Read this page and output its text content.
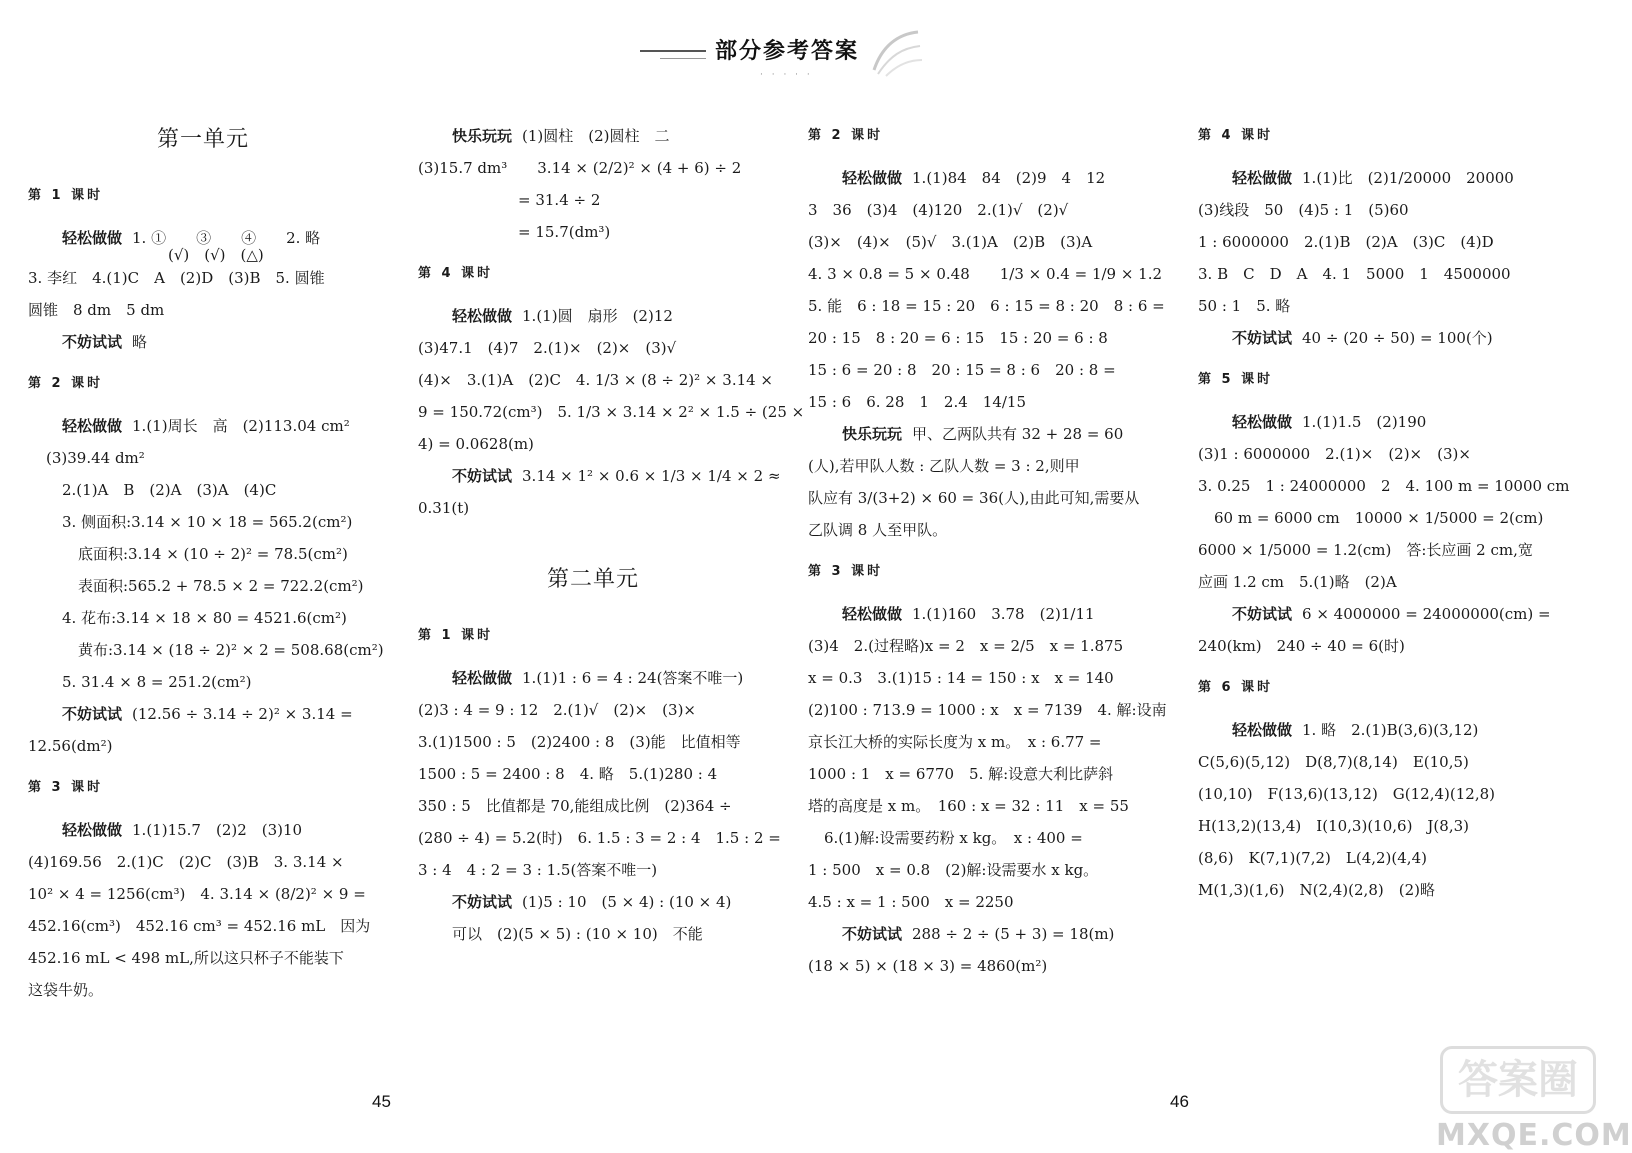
部分参考答案
· · · · ·

第一单元

第 1 课时

轻松做做 1. ①　　③　　④　　2. 略

(√)　(√)　(△)

3. 李红　4.(1)C　A　(2)D　(3)B　5. 圆锥

圆锥　8 dm　5 dm

不妨试试 略

第 2 课时

轻松做做 1.(1)周长　高　(2)113.04 cm²

(3)39.44 dm²

2.(1)A　B　(2)A　(3)A　(4)C

3. 侧面积:3.14 × 10 × 18 = 565.2(cm²)

底面积:3.14 × (10 ÷ 2)² = 78.5(cm²)

表面积:565.2 + 78.5 × 2 = 722.2(cm²)

4. 花布:3.14 × 18 × 80 = 4521.6(cm²)

黄布:3.14 × (18 ÷ 2)² × 2 = 508.68(cm²)

5. 31.4 × 8 = 251.2(cm²)

不妨试试 (12.56 ÷ 3.14 ÷ 2)² × 3.14 =

12.56(dm²)

第 3 课时

轻松做做 1.(1)15.7　(2)2　(3)10

(4)169.56　2.(1)C　(2)C　(3)B　3. 3.14 ×

10² × 4 = 1256(cm³)　4. 3.14 × (8/2)² × 9 =

452.16(cm³)　452.16 cm³ = 452.16 mL　因为

452.16 mL < 498 mL,所以这只杯子不能装下

这袋牛奶。

快乐玩玩 (1)圆柱　(2)圆柱　二

(3)15.7 dm³　　3.14 × (2/2)² × (4 + 6) ÷ 2

= 31.4 ÷ 2

= 15.7(dm³)

第 4 课时

轻松做做 1.(1)圆　扇形　(2)12

(3)47.1　(4)7　2.(1)×　(2)×　(3)√

(4)×　3.(1)A　(2)C　4. 1/3 × (8 ÷ 2)² × 3.14 ×

9 = 150.72(cm³)　5. 1/3 × 3.14 × 2² × 1.5 ÷ (25 ×

4) = 0.0628(m)

不妨试试 3.14 × 1² × 0.6 × 1/3 × 1/4 × 2 ≈

0.31(t)

第二单元

第 1 课时

轻松做做 1.(1)1 : 6 = 4 : 24(答案不唯一)

(2)3 : 4 = 9 : 12　2.(1)√　(2)×　(3)×

3.(1)1500 : 5　(2)2400 : 8　(3)能　比值相等

1500 : 5 = 2400 : 8　4. 略　5.(1)280 : 4

350 : 5　比值都是 70,能组成比例　(2)364 ÷

(280 ÷ 4) = 5.2(时)　6. 1.5 : 3 = 2 : 4　1.5 : 2 =

3 : 4　4 : 2 = 3 : 1.5(答案不唯一)

不妨试试 (1)5 : 10　(5 × 4) : (10 × 4)

可以　(2)(5 × 5) : (10 × 10)　不能

第 2 课时

轻松做做 1.(1)84　84　(2)9　4　12

3　36　(3)4　(4)120　2.(1)√　(2)√

(3)×　(4)×　(5)√　3.(1)A　(2)B　(3)A

4. 3 × 0.8 = 5 × 0.48　　1/3 × 0.4 = 1/9 × 1.2

5. 能　6 : 18 = 15 : 20　6 : 15 = 8 : 20　8 : 6 =

20 : 15　8 : 20 = 6 : 15　15 : 20 = 6 : 8

15 : 6 = 20 : 8　20 : 15 = 8 : 6　20 : 8 =

15 : 6　6. 28　1　2.4　14/15

快乐玩玩 甲、乙两队共有 32 + 28 = 60

(人),若甲队人数 : 乙队人数 = 3 : 2,则甲

队应有 3/(3+2) × 60 = 36(人),由此可知,需要从

乙队调 8 人至甲队。

第 3 课时

轻松做做 1.(1)160　3.78　(2)1/11

(3)4　2.(过程略)x = 2　x = 2/5　x = 1.875

x = 0.3　3.(1)15 : 14 = 150 : x　x = 140

(2)100 : 713.9 = 1000 : x　x = 7139　4. 解:设南

京长江大桥的实际长度为 x m。　x : 6.77 =

1000 : 1　x = 6770　5. 解:设意大利比萨斜

塔的高度是 x m。　160 : x = 32 : 11　x = 55

6.(1)解:设需要药粉 x kg。　x : 400 =

1 : 500　x = 0.8　(2)解:设需要水 x kg。

4.5 : x = 1 : 500　x = 2250

不妨试试 288 ÷ 2 ÷ (5 + 3) = 18(m)

(18 × 5) × (18 × 3) = 4860(m²)

第 4 课时

轻松做做 1.(1)比　(2)1/20000　20000

(3)线段　50　(4)5 : 1　(5)60

1 : 6000000　2.(1)B　(2)A　(3)C　(4)D

3. B　C　D　A　4. 1　5000　1　4500000

50 : 1　5. 略

不妨试试 40 ÷ (20 ÷ 50) = 100(个)

第 5 课时

轻松做做 1.(1)1.5　(2)190

(3)1 : 6000000　2.(1)×　(2)×　(3)×

3. 0.25　1 : 24000000　2　4. 100 m = 10000 cm

60 m = 6000 cm　10000 × 1/5000 = 2(cm)

6000 × 1/5000 = 1.2(cm)　答:长应画 2 cm,宽

应画 1.2 cm　5.(1)略　(2)A

不妨试试 6 × 4000000 = 24000000(cm) =

240(km)　240 ÷ 40 = 6(时)

第 6 课时

轻松做做 1. 略　2.(1)B(3,6)(3,12)

C(5,6)(5,12)　D(8,7)(8,14)　E(10,5)

(10,10)　F(13,6)(13,12)　G(12,4)(12,8)

H(13,2)(13,4)　I(10,3)(10,6)　J(8,3)

(8,6)　K(7,1)(7,2)　L(4,2)(4,4)

M(1,3)(1,6)　N(2,4)(2,8)　(2)略

45	46	答案圈
MXQE.COM
